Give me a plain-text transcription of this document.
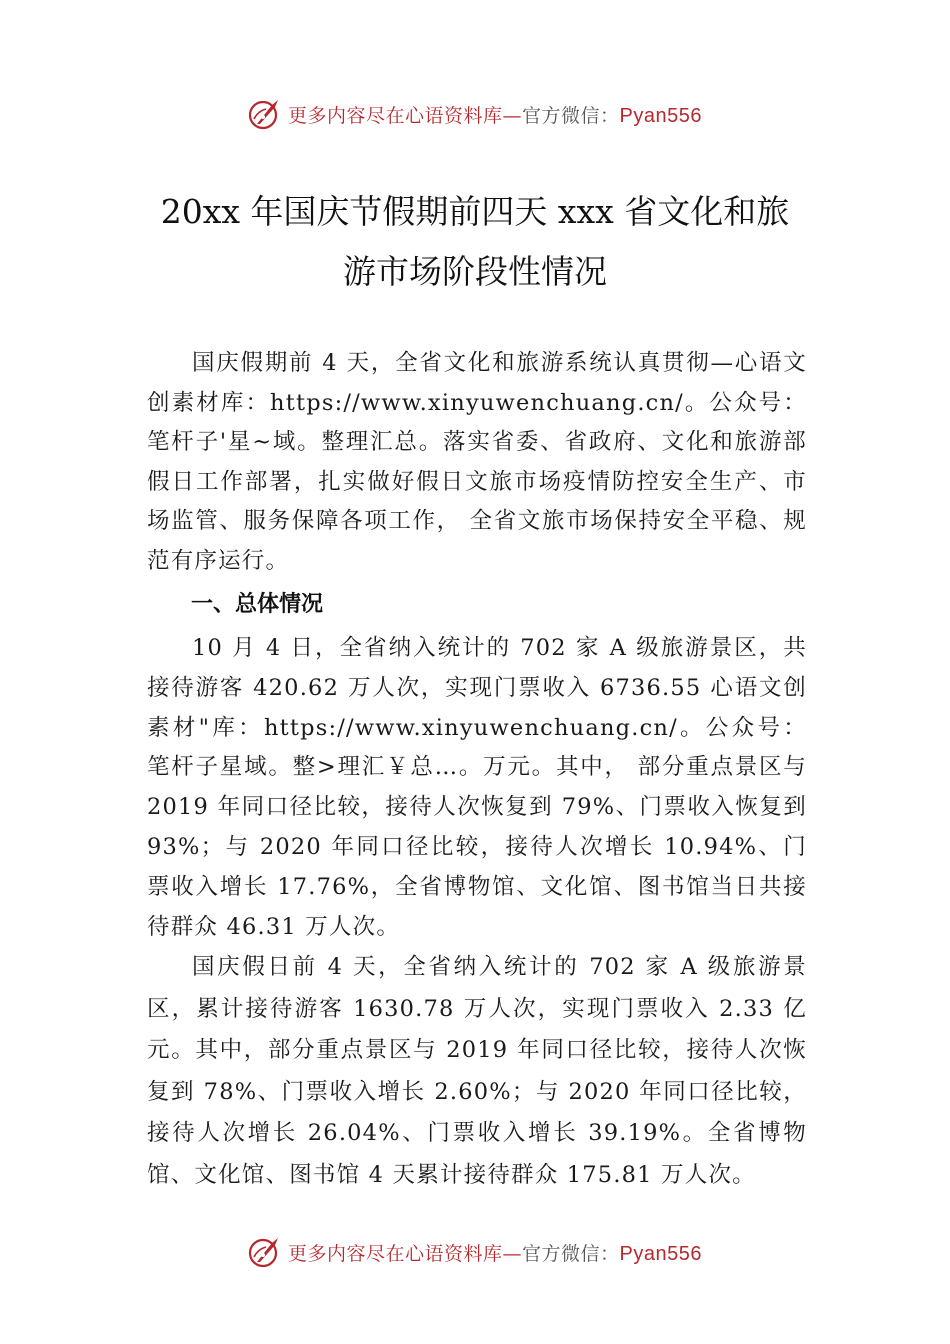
更多内容尽在心语资料库—官方微信：Pyan556
20xx 年国庆节假期前四天 xxx 省文化和旅
游市场阶段性情况

国庆假期前 4 天，全省文化和旅游系统认真贯彻—心语文创素材库：https://www.xinyuwenchuang.cn/。公众号：笔杆子'星~域。整理汇总。落实省委、省政府、文化和旅游部假日工作部署，扎实做好假日文旅市场疫情防控安全生产、市场监管、服务保障各项工作， 全省文旅市场保持安全平稳、规范有序运行。

一、总体情况

10 月 4 日，全省纳入统计的 702 家 A 级旅游景区，共接待游客 420.62 万人次，实现门票收入 6736.55 心语文创素材"库：https://www.xinyuwenchuang.cn/。公众号：笔杆子星域。整>理汇￥总…。万元。其中， 部分重点景区与 2019 年同口径比较，接待人次恢复到 79%、门票收入恢复到 93%；与 2020 年同口径比较，接待人次增长 10.94%、门票收入增长 17.76%，全省博物馆、文化馆、图书馆当日共接待群众 46.31 万人次。

国庆假日前 4 天，全省纳入统计的 702 家 A 级旅游景区，累计接待游客 1630.78 万人次，实现门票收入 2.33 亿元。其中，部分重点景区与 2019 年同口径比较，接待人次恢复到 78%、门票收入增长 2.60%；与 2020 年同口径比较，接待人次增长 26.04%、门票收入增长 39.19%。全省博物馆、文化馆、图书馆 4 天累计接待群众 175.81 万人次。

更多内容尽在心语资料库—官方微信：Pyan556
